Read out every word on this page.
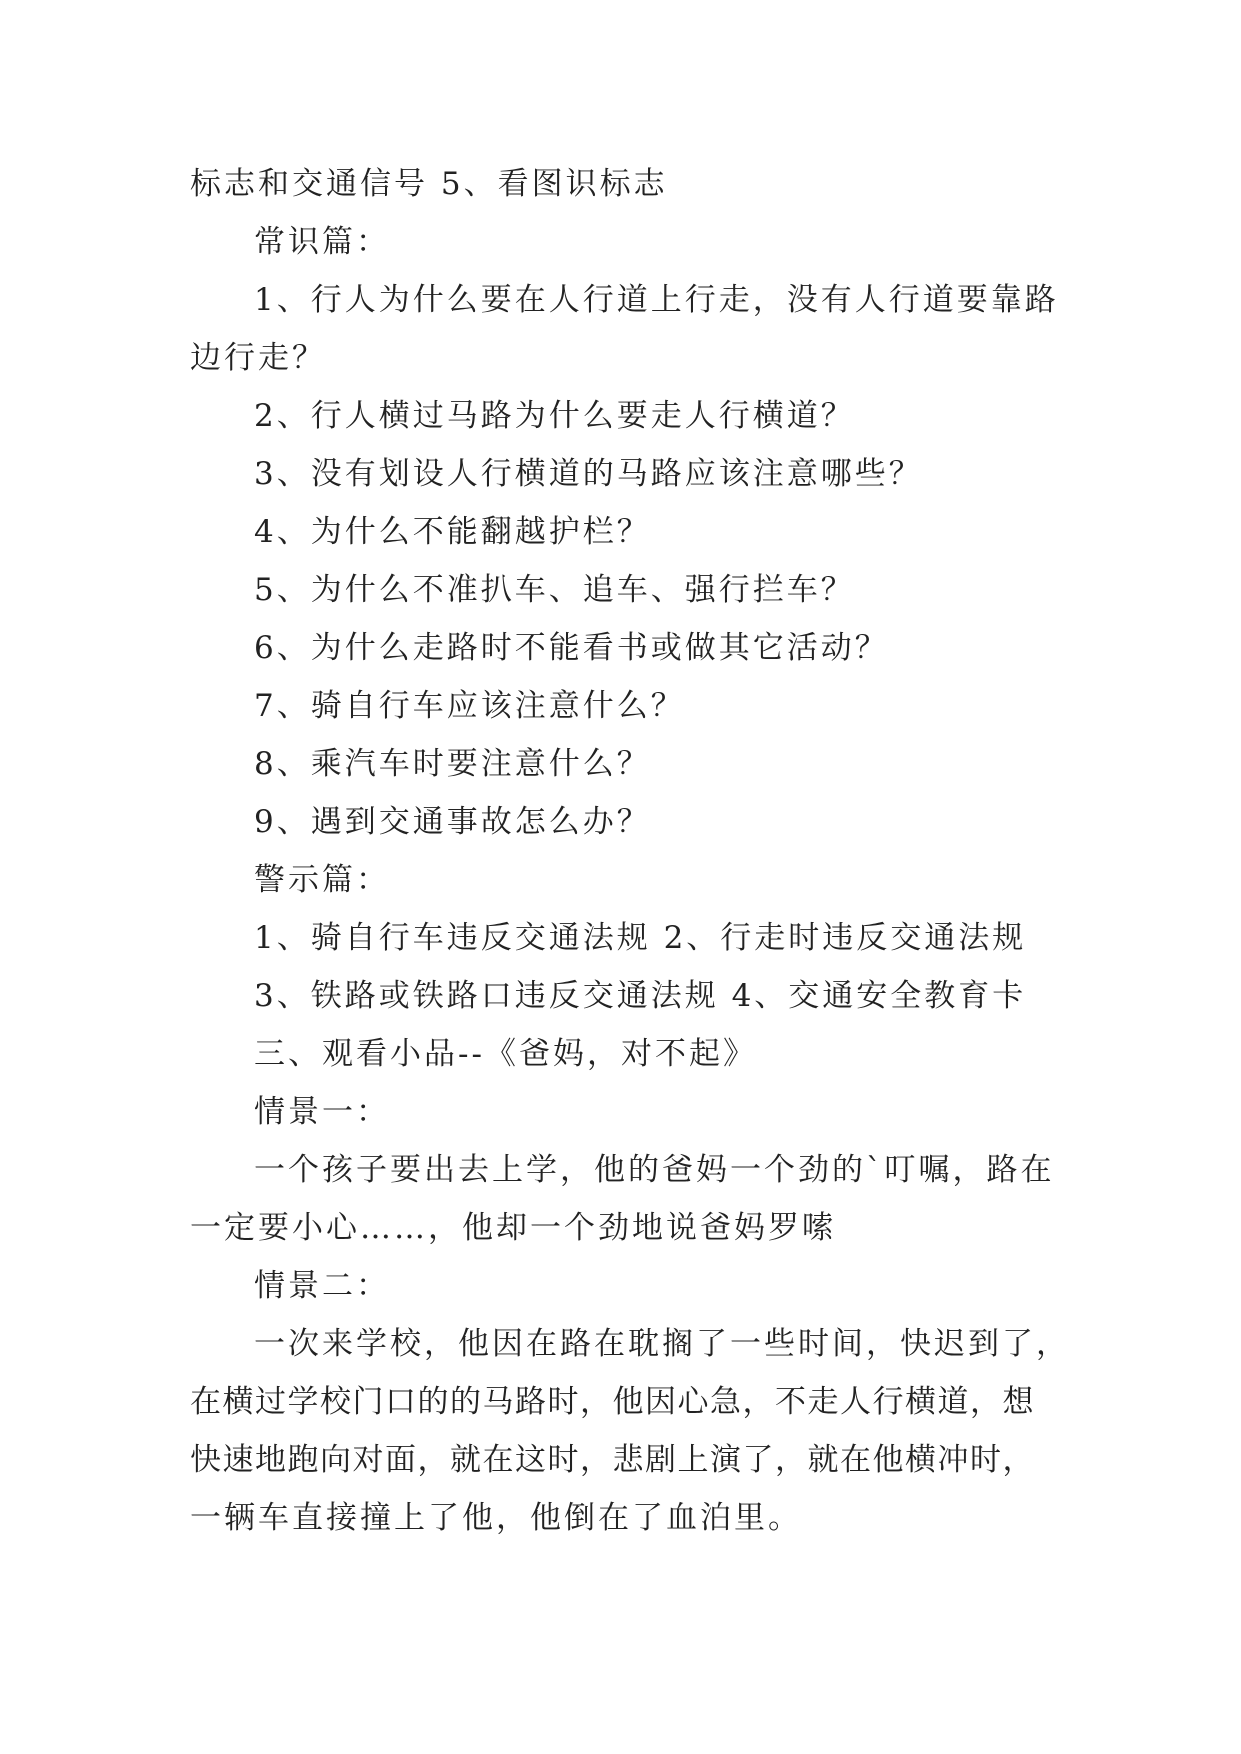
标志和交通信号 5、看图识标志
常识篇：
1、行人为什么要在人行道上行走，没有人行道要靠路
边行走？
2、行人横过马路为什么要走人行横道？
3、没有划设人行横道的马路应该注意哪些？
4、为什么不能翻越护栏？
5、为什么不准扒车、追车、强行拦车？
6、为什么走路时不能看书或做其它活动？
7、骑自行车应该注意什么？
8、乘汽车时要注意什么？
9、遇到交通事故怎么办？
警示篇：
1、骑自行车违反交通法规 2、行走时违反交通法规
3、铁路或铁路口违反交通法规 4、交通安全教育卡
三、观看小品--《爸妈，对不起》
情景一：
一个孩子要出去上学，他的爸妈一个劲的`叮嘱，路在
一定要小心……，他却一个劲地说爸妈罗嗦
情景二：
一次来学校，他因在路在耽搁了一些时间，快迟到了，
在横过学校门口的的马路时，他因心急，不走人行横道，想
快速地跑向对面，就在这时，悲剧上演了，就在他横冲时，
一辆车直接撞上了他，他倒在了血泊里。
